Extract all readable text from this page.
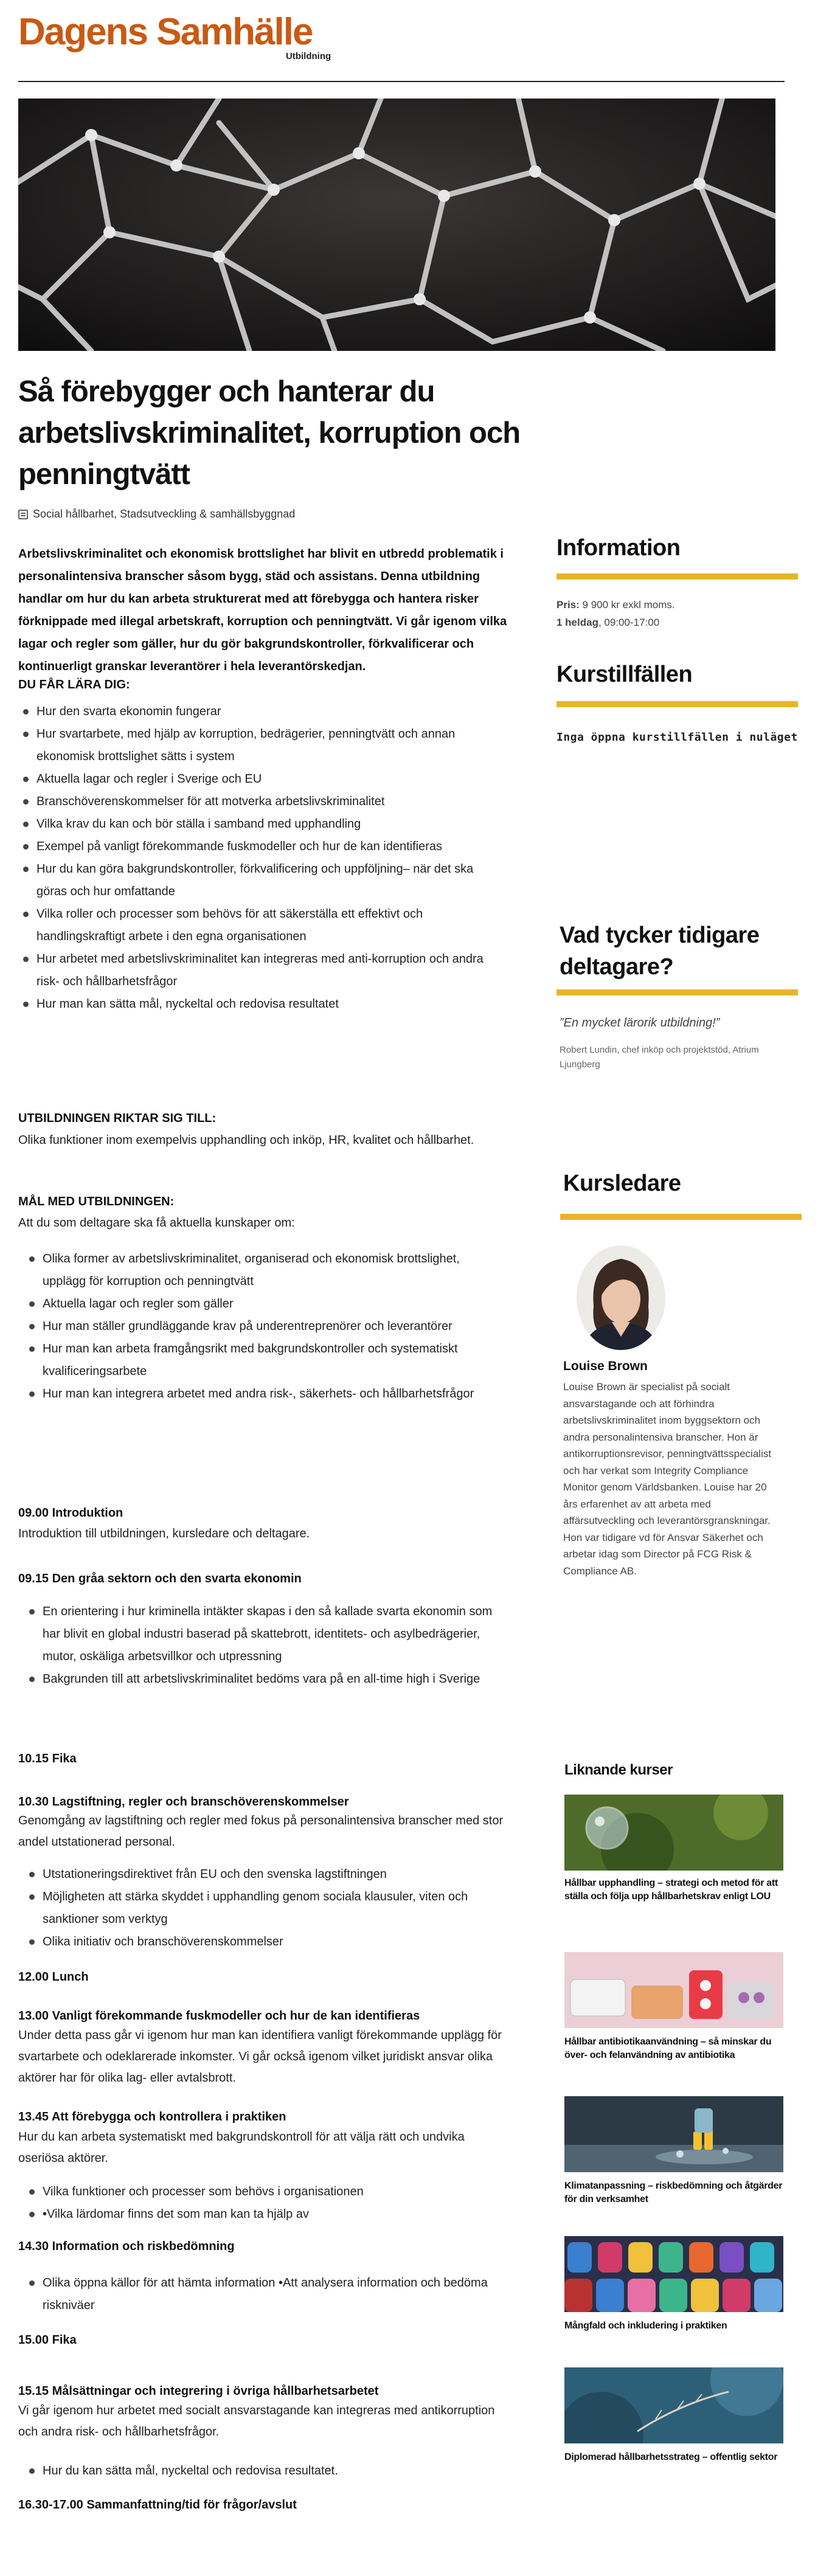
Dagens Samhälle
Utbildning
Så förebygger och hanterar du
arbetslivskriminalitet, korruption och
penningtvätt
Social hållbarhet, Stadsutveckling & samhällsbyggnad
Arbetslivskriminalitet och ekonomisk brottslighet har blivit en utbredd problematik i personalintensiva branscher såsom bygg, städ och assistans. Denna utbildning handlar om hur du kan arbeta strukturerat med att förebygga och hantera risker förknippade med illegal arbetskraft, korruption och penningtvätt. Vi går igenom vilka lagar och regler som gäller, hur du gör bakgrundskontroller, förkvalificerar och kontinuerligt granskar leverantörer i hela leverantörskedjan.
DU FÅR LÄRA DIG:
Hur den svarta ekonomin fungerar
Hur svartarbete, med hjälp av korruption, bedrägerier, penningtvätt och annan ekonomisk brottslighet sätts i system
Aktuella lagar och regler i Sverige och EU
Branschöverenskommelser för att motverka arbetslivskriminalitet
Vilka krav du kan och bör ställa i samband med upphandling
Exempel på vanligt förekommande fuskmodeller och hur de kan identifieras
Hur du kan göra bakgrundskontroller, förkvalificering och uppföljning– när det ska göras och hur omfattande
Vilka roller och processer som behövs för att säkerställa ett effektivt och handlingskraftigt arbete i den egna organisationen
Hur arbetet med arbetslivskriminalitet kan integreras med anti-korruption och andra risk- och hållbarhetsfrågor
Hur man kan sätta mål, nyckeltal och redovisa resultatet
UTBILDNINGEN RIKTAR SIG TILL:
Olika funktioner inom exempelvis upphandling och inköp, HR, kvalitet och hållbarhet.
MÅL MED UTBILDNINGEN:
Att du som deltagare ska få aktuella kunskaper om:
Olika former av arbetslivskriminalitet, organiserad och ekonomisk brottslighet, upplägg för korruption och penningtvätt
Aktuella lagar och regler som gäller
Hur man ställer grundläggande krav på underentreprenörer och leverantörer
Hur man kan arbeta framgångsrikt med bakgrundskontroller och systematiskt kvalificeringsarbete
Hur man kan integrera arbetet med andra risk-, säkerhets- och hållbarhetsfrågor
09.00 Introduktion
Introduktion till utbildningen, kursledare och deltagare.
09.15 Den gråa sektorn och den svarta ekonomin
En orientering i hur kriminella intäkter skapas i den så kallade svarta ekonomin som har blivit en global industri baserad på skattebrott, identitets- och asylbedrägerier, mutor, oskäliga arbetsvillkor och utpressning
Bakgrunden till att arbetslivskriminalitet bedöms vara på en all-time high i Sverige
10.15 Fika
10.30 Lagstiftning, regler och branschöverenskommelser
Genomgång av lagstiftning och regler med fokus på personalintensiva branscher med stor andel utstationerad personal.
Utstationeringsdirektivet från EU och den svenska lagstiftningen
Möjligheten att stärka skyddet i upphandling genom sociala klausuler, viten och sanktioner som verktyg
Olika initiativ och branschöverenskommelser
12.00 Lunch
13.00 Vanligt förekommande fuskmodeller och hur de kan identifieras
Under detta pass går vi igenom hur man kan identifiera vanligt förekommande upplägg för svartarbete och odeklarerade inkomster. Vi går också igenom vilket juridiskt ansvar olika aktörer har för olika lag- eller avtalsbrott.
13.45 Att förebygga och kontrollera i praktiken
Hur du kan arbeta systematiskt med bakgrundskontroll för att välja rätt och undvika oseriösa aktörer.
Vilka funktioner och processer som behövs i organisationen
•Vilka lärdomar finns det som man kan ta hjälp av
14.30 Information och riskbedömning
Olika öppna källor för att hämta information •Att analysera information och bedöma riskniväer
15.00 Fika
15.15 Målsättningar och integrering i övriga hållbarhetsarbetet
Vi går igenom hur arbetet med socialt ansvarstagande kan integreras med antikorruption och andra risk- och hållbarhetsfrågor.
Hur du kan sätta mål, nyckeltal och redovisa resultatet.
16.30-17.00 Sammanfattning/tid för frågor/avslut
Information
Pris: 9 900 kr exkl moms.
1 heldag, 09:00-17:00
Kurstillfällen
Inga öppna kurstillfällen i nuläget
Vad tycker tidigare
deltagare?
”En mycket lärorik utbildning!”
Robert Lundin, chef inköp och projektstöd, Atrium Ljungberg
Kursledare
Louise Brown
Louise Brown är specialist på socialt ansvarstagande och att förhindra arbetslivskriminalitet inom byggsektorn och andra personalintensiva branscher. Hon är antikorruptionsrevisor, penningtvättsspecialist och har verkat som Integrity Compliance Monitor genom Världsbanken. Louise har 20 års erfarenhet av att arbeta med affärsutveckling och leverantörsgranskningar. Hon var tidigare vd för Ansvar Säkerhet och arbetar idag som Director på FCG Risk & Compliance AB.
Liknande kurser
Hållbar upphandling – strategi och metod för att ställa och följa upp hållbarhetskrav enligt LOU
Hållbar antibiotikaanvändning – så minskar du över- och felanvändning av antibiotika
Klimatanpassning – riskbedömning och åtgärder för din verksamhet
Mångfald och inkludering i praktiken
Diplomerad hållbarhetsstrateg – offentlig sektor
